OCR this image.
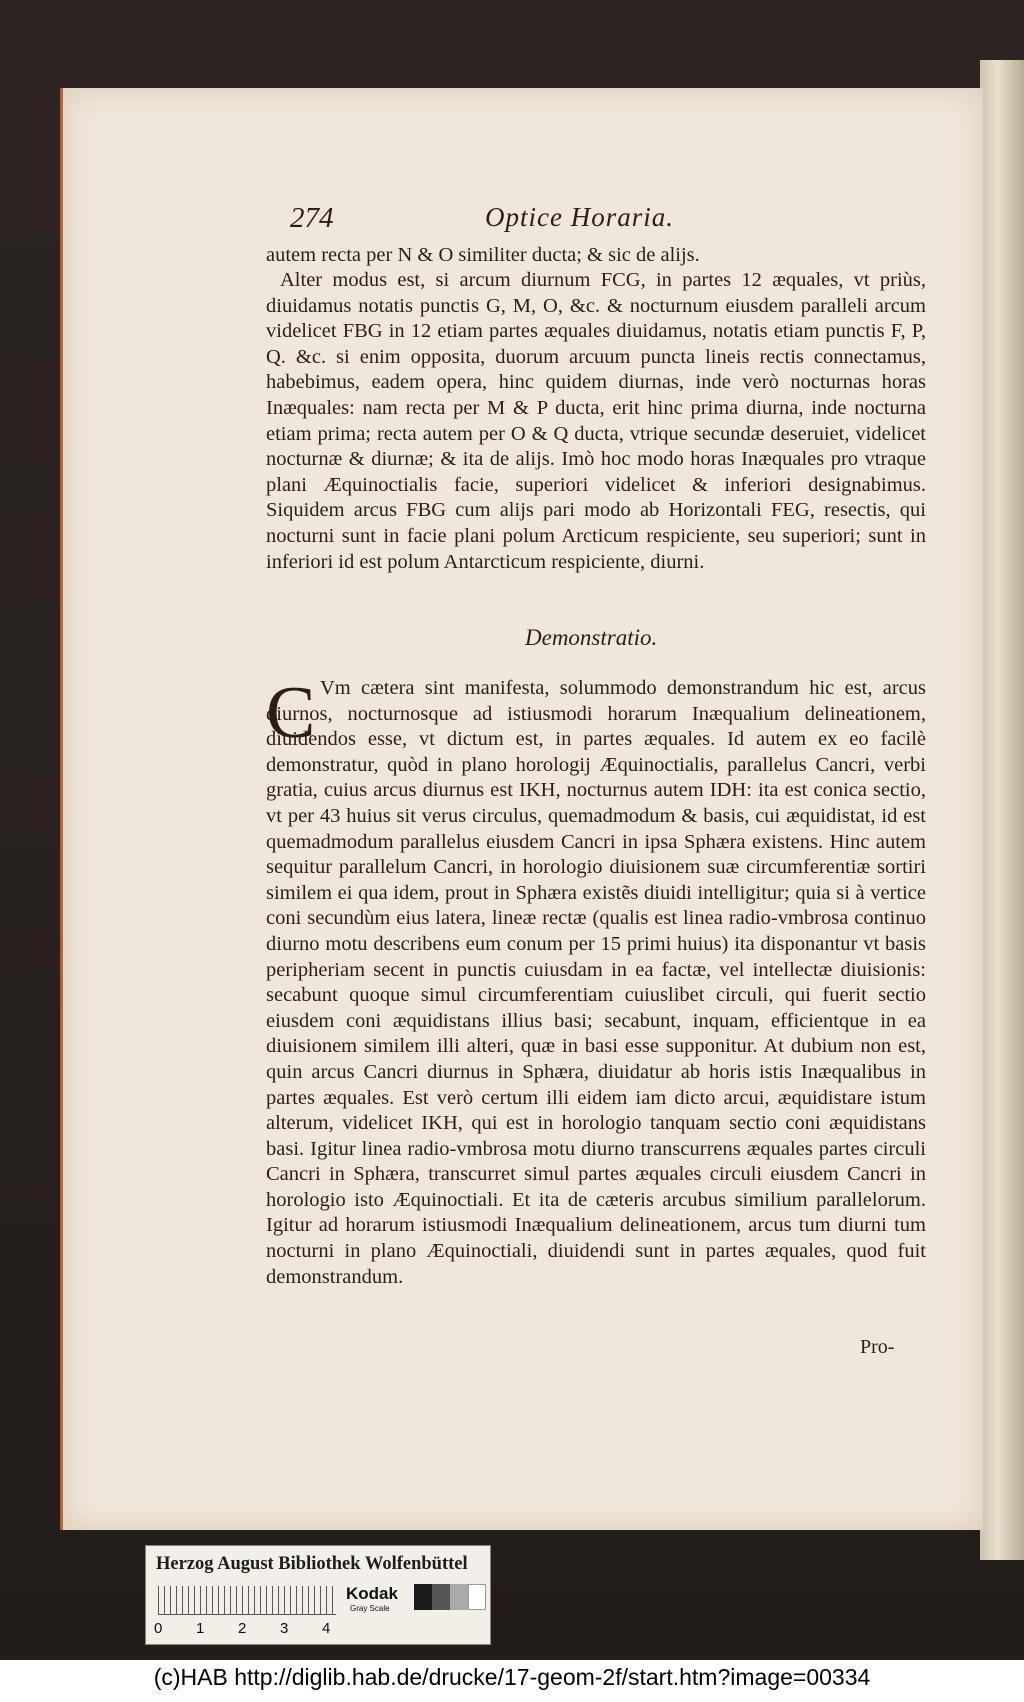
274	Optice Horaria.
autem recta per N & O similiter ducta; & sic de alijs.
Alter modus est, si arcum diurnum FCG, in partes 12 æquales, vt priùs, diuidamus notatis punctis G, M, O, &c. & nocturnum eiusdem paralleli arcum videlicet FBG in 12 etiam partes æquales diuidamus, notatis etiam punctis F, P, Q. &c. si enim opposita, duorum arcuum puncta lineis rectis connectamus, habebimus, eadem opera, hinc quidem diurnas, inde verò nocturnas horas Inæquales: nam recta per M & P ducta, erit hinc prima diurna, inde nocturna etiam prima; recta autem per O & Q ducta, vtrique secundæ deseruiet, videlicet nocturnæ & diurnæ; & ita de alijs. Imò hoc modo horas Inæquales pro vtraque plani Æquinoctialis facie, superiori videlicet & inferiori designabimus. Siquidem arcus FBG cum alijs pari modo ab Horizontali FEG, resectis, qui nocturni sunt in facie plani polum Arcticum respiciente, seu superiori; sunt in inferiori id est polum Antarcticum respiciente, diurni.
Demonstratio.
C Vm cætera sint manifesta, solummodo demonstrandum hic est, arcus diurnos, nocturnosque ad istiusmodi horarum Inæqualium delineationem, diuidendos esse, vt dictum est, in partes æquales. Id autem ex eo facilè demonstratur, quòd in plano horologij Æquinoctialis, parallelus Cancri, verbi gratia, cuius arcus diurnus est IKH, nocturnus autem IDH: ita est conica sectio, vt per 43 huius sit verus circulus, quemadmodum & basis, cui æquidistat, id est quemadmodum parallelus eiusdem Cancri in ipsa Sphæra existens. Hinc autem sequitur parallelum Cancri, in horologio diuisionem suæ circumferentiæ sortiri similem ei qua idem, prout in Sphæra existẽs diuidi intelligitur; quia si à vertice coni secundùm eius latera, lineæ rectæ (qualis est linea radio-vmbrosa continuo diurno motu describens eum conum per 15 primi huius) ita disponantur vt basis peripheriam secent in punctis cuiusdam in ea factæ, vel intellectæ diuisionis: secabunt quoque simul circumferentiam cuiuslibet circuli, qui fuerit sectio eiusdem coni æquidistans illius basi; secabunt, inquam, efficientque in ea diuisionem similem illi alteri, quæ in basi esse supponitur. At dubium non est, quin arcus Cancri diurnus in Sphæra, diuidatur ab horis istis Inæqualibus in partes æquales. Est verò certum illi eidem iam dicto arcui, æquidistare istum alterum, videlicet IKH, qui est in horologio tanquam sectio coni æquidistans basi. Igitur linea radio-vmbrosa motu diurno transcurrens æquales partes circuli Cancri in Sphæra, transcurret simul partes æquales circuli eiusdem Cancri in horologio isto Æquinoctiali. Et ita de cæteris arcubus similium parallelorum. Igitur ad horarum istiusmodi Inæqualium delineationem, arcus tum diurni tum nocturni in plano Æquinoctiali, diuidendi sunt in partes æquales, quod fuit demonstrandum.
Pro-
Herzog August Bibliothek Wolfenbüttel
0 1 2 3 4
Kodak
Gray Scale
(c)HAB http://diglib.hab.de/drucke/17-geom-2f/start.htm?image=00334
